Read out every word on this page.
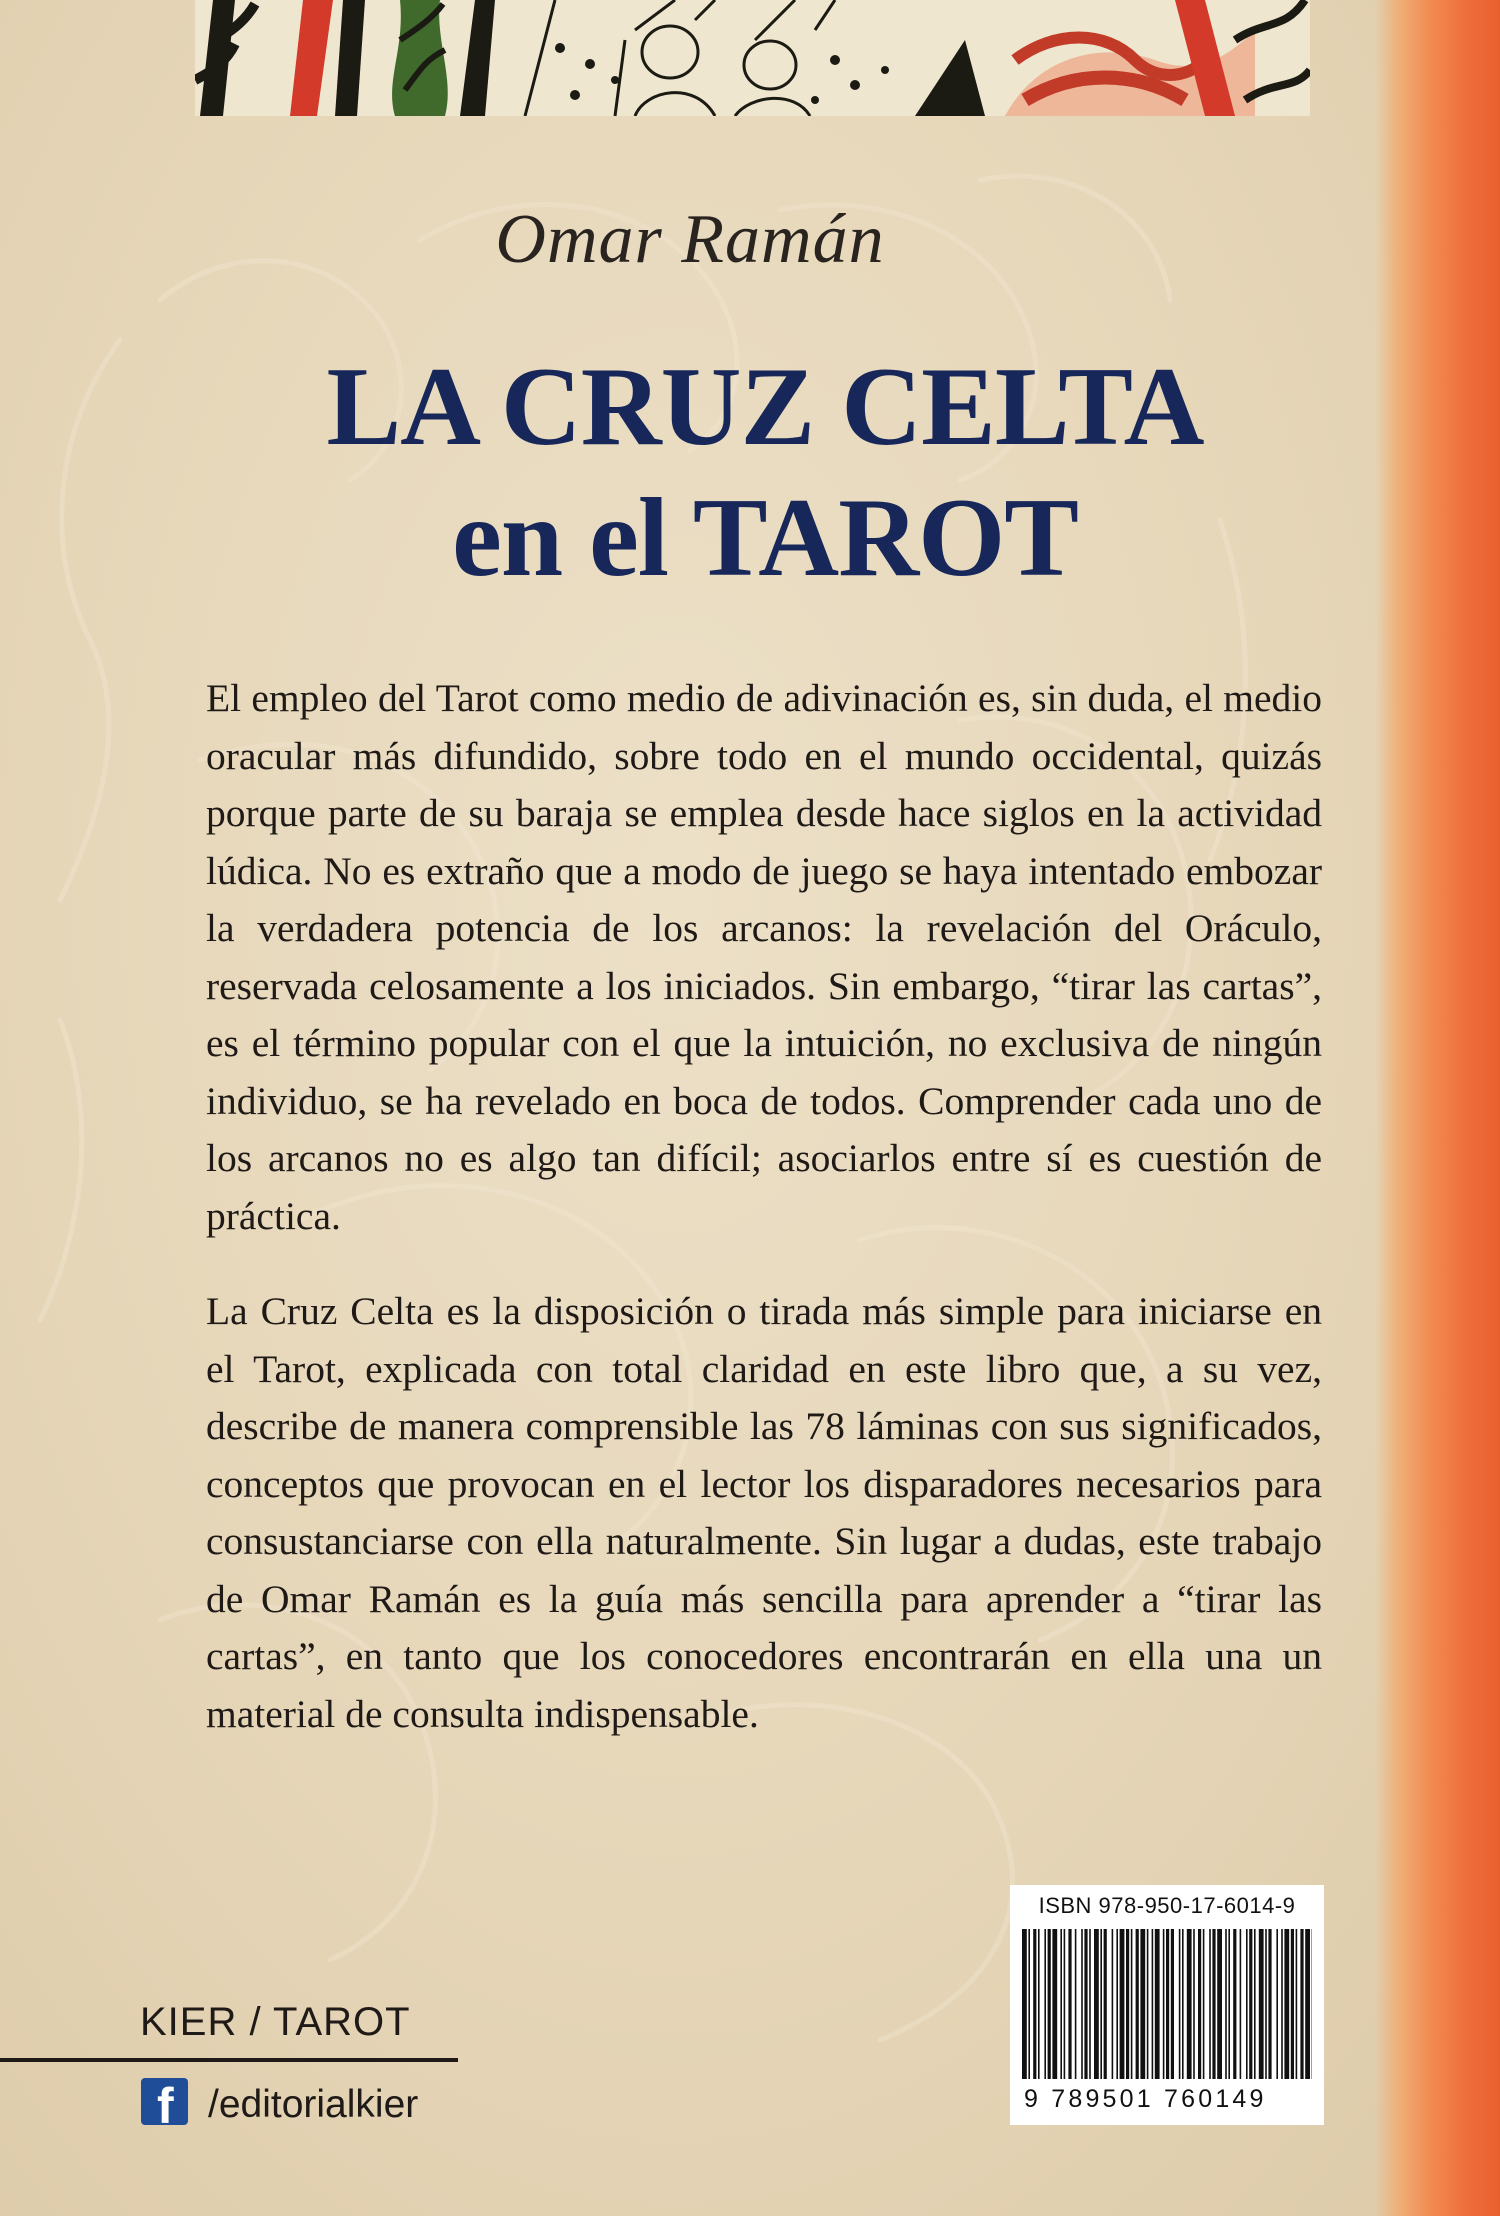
Omar Ramán
LA CRUZ CELTA
en el TAROT

El empleo del Tarot como medio de adivinación es, sin duda, el medio oracular más difundido, sobre todo en el mundo occidental, quizás porque parte de su baraja se emplea desde hace siglos en la actividad lúdica. No es extraño que a modo de juego se haya intentado embozar la verdadera potencia de los arcanos: la revelación del Oráculo, reservada celosamente a los iniciados. Sin embargo, “tirar las cartas”, es el término popular con el que la intuición, no exclusiva de ningún individuo, se ha revelado en boca de todos. Comprender cada uno de los arcanos no es algo tan difícil; asociarlos entre sí es cuestión de práctica.

La Cruz Celta es la disposición o tirada más simple para iniciarse en el Tarot, explicada con total claridad en este libro que, a su vez, describe de manera comprensible las 78 láminas con sus significados, conceptos que provocan en el lector los disparadores necesarios para consustanciarse con ella naturalmente. Sin lugar a dudas, este trabajo de Omar Ramán es la guía más sencilla para aprender a “tirar las cartas”, en tanto que los conocedores encontrarán en ella una un material de consulta indispensable.

ISBN 978-950-17-6014-9
9 789501 760149
KIER / TAROT
f /editorialkier
